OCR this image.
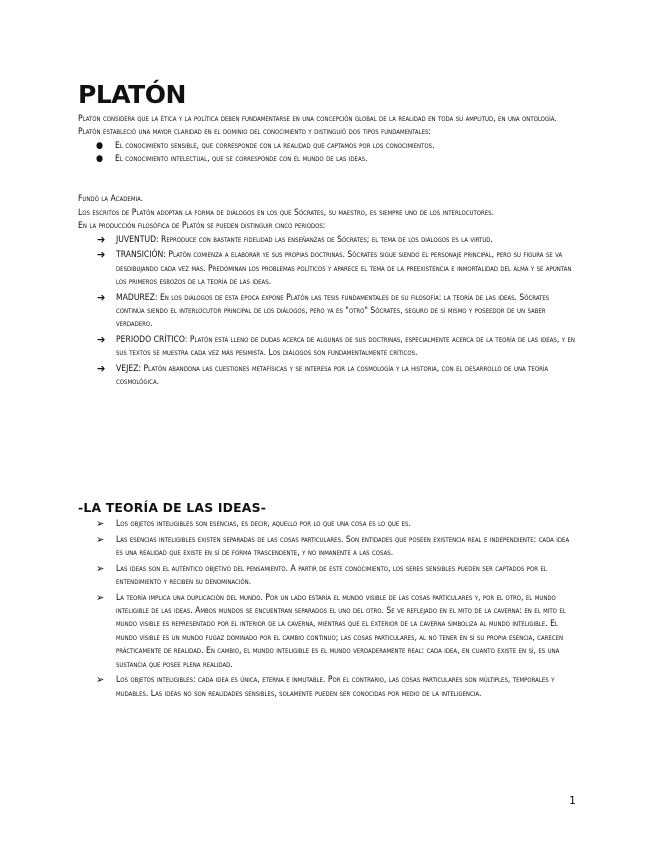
PLATÓN

Platón considera que la ética y la política deben fundamentarse en una concepción global de la realidad en toda su amplitud, en una ontología.

Platón estableció una mayor claridad en el dominio del conocimiento y distinguió dos tipos fundamentales:

● El conocimiento sensible, que corresponde con la realidad que captamos por los conocimientos.
● El conocimiento intelectual, que se corresponde con el mundo de las ideas.

Fundó la Academia.

Los escritos de Platón adoptan la forma de diálogos en los que Sócrates, su maestro, es siempre uno de los interlocutores.

En la producción filosófica de Platón se pueden distinguir cinco periodos:

➔ JUVENTUD: Reproduce con bastante fidelidad las enseñanzas de Sócrates; el tema de los diálogos es la virtud.
➔ TRANSICIÓN: Platón comienza a elaborar ye sus propias doctrinas. Sócrates sigue siendo el personaje principal, pero su figura se va desdibujando cada vez más. Predominan los problemas políticos y aparece el tema de la preexistencia e inmortalidad del alma y se apuntan los primeros esbozos de la teoría de las ideas.
➔ MADUREZ: En los diálogos de esta época expone Platón las tesis fundamentales de su filosofía: la teoría de las ideas. Sócrates continúa siendo el interlocutor principal de los diálogos, pero ya es "otro" Sócrates, seguro de sí mismo y poseedor de un saber verdadero.
➔ PERIODO CRÍTICO: Platón está lleno de dudas acerca de algunas de sus doctrinas, especialmente acerca de la teoría de las ideas, y en sus textos se muestra cada vez más pesimista. Los diálogos son fundamentalmente críticos.
➔ VEJEZ: Platón abandona las cuestiones metafísicas y se interesa por la cosmología y la historia, con el desarrollo de una teoría cosmológica.
-LA TEORÍA DE LAS IDEAS-
➢ Los objetos inteligibles son esencias, es decir, aquello por lo que una cosa es lo que es.
➢ Las esencias inteligibles existen separadas de las cosas particulares. Son entidades que poseen existencia real e independiente: cada idea es una realidad que existe en sí de forma trascendente, y no inmanente a las cosas.
➢ Las ideas son el auténtico objetivo del pensamiento. A partir de este conocimiento, los seres sensibles pueden ser captados por el entendimiento y reciben su denominación.
➢ La teoría implica una duplicación del mundo. Por un lado estaría el mundo visible de las cosas particulares y, por el otro, el mundo inteligible de las ideas. Ambos mundos se encuentran separados el uno del otro. Se ve reflejado en el mito de la caverna: en el mito el mundo visible es representado por el interior de la caverna, mientras que el exterior de la caverna simboliza al mundo inteligible. El mundo visible es un mundo fugaz dominado por el cambio continuo; las cosas particulares, al no tener en sí su propia esencia, carecen prácticamente de realidad. En cambio, el mundo inteligible es el mundo verdaderamente real: cada idea, en cuanto existe en sí, es una sustancia que posee plena realidad.
➢ Los objetos inteligibles: cada idea es única, eterna e inmutable. Por el contrario, las cosas particulares son múltiples, temporales y mudables. Las ideas no son realidades sensibles, solamente pueden ser conocidas por medio de la inteligencia.
1
